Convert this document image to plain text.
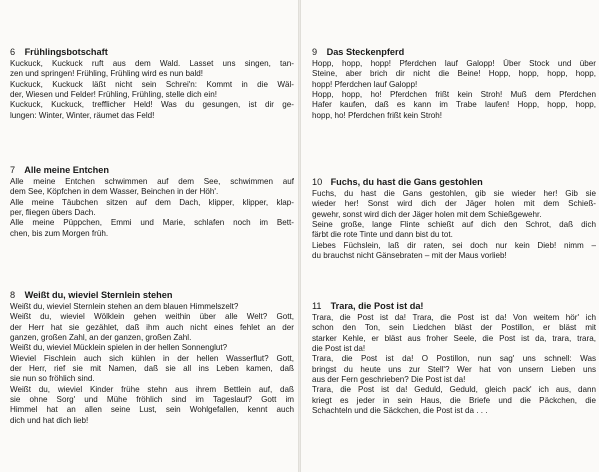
6 Frühlingsbotschaft
Kuckuck, Kuckuck ruft aus dem Wald. Lasset uns singen, tan-
zen und springen! Frühling, Frühling wird es nun bald!
Kuckuck, Kuckuck läßt nicht sein Schrei'n: Kommt in die Wäl-
der, Wiesen und Felder! Frühling, Frühling, stelle dich ein!
Kuckuck, Kuckuck, trefflicher Held! Was du gesungen, ist dir ge-
lungen: Winter, Winter, räumet das Feld!
7 Alle meine Entchen
Alle meine Entchen schwimmen auf dem See, schwimmen auf
dem See, Köpfchen in dem Wasser, Beinchen in der Höh'.
Alle meine Täubchen sitzen auf dem Dach, klipper, klipper, klap-
per, fliegen übers Dach.
Alle meine Püppchen, Emmi und Marie, schlafen noch im Bett-
chen, bis zum Morgen früh.
8 Weißt du, wieviel Sternlein stehen
Weißt du, wieviel Sternlein stehen an dem blauen Himmelszelt?
Weißt du, wieviel Wölklein gehen weithin über alle Welt? Gott,
der Herr hat sie gezählet, daß ihm auch nicht eines fehlet an der
ganzen, großen Zahl, an der ganzen, großen Zahl.
Weißt du, wieviel Mücklein spielen in der hellen Sonnenglut?
Wieviel Fischlein auch sich kühlen in der hellen Wasserflut? Gott,
der Herr, rief sie mit Namen, daß sie all ins Leben kamen, daß
sie nun so fröhlich sind.
Weißt du, wieviel Kinder frühe stehn aus ihrem Bettlein auf, daß
sie ohne Sorg' und Mühe fröhlich sind im Tageslauf? Gott im
Himmel hat an allen seine Lust, sein Wohlgefallen, kennt auch
dich und hat dich lieb!
9 Das Steckenpferd
Hopp, hopp, hopp! Pferdchen lauf Galopp! Über Stock und über
Steine, aber brich dir nicht die Beine! Hopp, hopp, hopp, hopp,
hopp! Pferdchen lauf Galopp!
Hopp, hopp, ho! Pferdchen frißt kein Stroh! Muß dem Pferdchen
Hafer kaufen, daß es kann im Trabe laufen! Hopp, hopp, hopp,
hopp, ho! Pferdchen frißt kein Stroh!
10 Fuchs, du hast die Gans gestohlen
Fuchs, du hast die Gans gestohlen, gib sie wieder her! Gib sie
wieder her! Sonst wird dich der Jäger holen mit dem Schieß-
gewehr, sonst wird dich der Jäger holen mit dem Schießgewehr.
Seine große, lange Flinte schießt auf dich den Schrot, daß dich
färbt die rote Tinte und dann bist du tot.
Liebes Füchslein, laß dir raten, sei doch nur kein Dieb! nimm –
du brauchst nicht Gänsebraten – mit der Maus vorlieb!
11 Trara, die Post ist da!
Trara, die Post ist da! Trara, die Post ist da! Von weitem hör' ich
schon den Ton, sein Liedchen bläst der Postillon, er bläst mit
starker Kehle, er bläst aus froher Seele, die Post ist da, trara, trara,
die Post ist da!
Trara, die Post ist da! O Postillon, nun sag' uns schnell: Was
bringst du heute uns zur Stell'? Wer hat von unsern Lieben uns
aus der Fern geschrieben? Die Post ist da!
Trara, die Post ist da! Geduld, Geduld, gleich pack' ich aus, dann
kriegt es jeder in sein Haus, die Briefe und die Päckchen, die
Schachteln und die Säckchen, die Post ist da . . .
